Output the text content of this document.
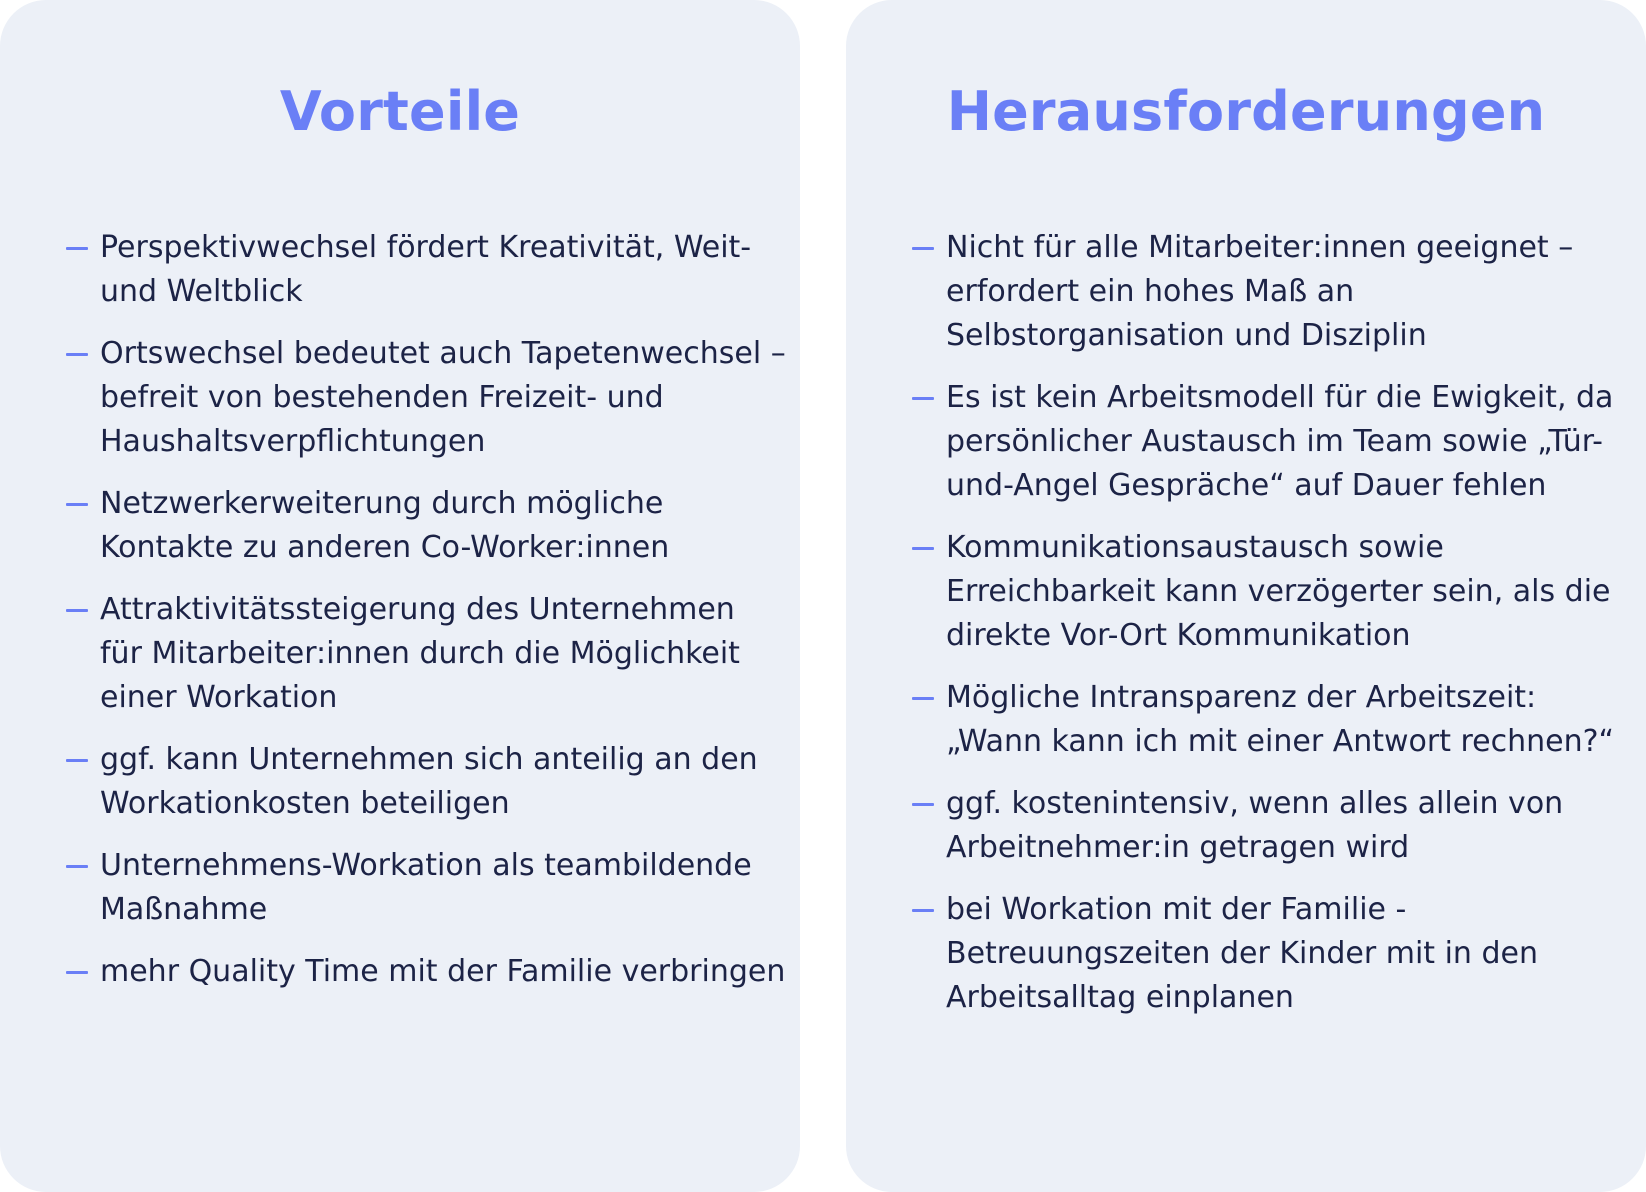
Vorteile
Perspektivwechsel fördert Kreativität, Weit-und Weltblick
Ortswechsel bedeutet auch Tapetenwechsel – befreit von bestehenden Freizeit- und Haushaltsverpflichtungen
Netzwerkerweiterung durch mögliche Kontakte zu anderen Co-Worker:innen
Attraktivitätssteigerung des Unternehmen für Mitarbeiter:innen durch die Möglichkeit einer Workation
ggf. kann Unternehmen sich anteilig an den Workationkosten beteiligen
Unternehmens-Workation als teambildende Maßnahme
mehr Quality Time mit der Familie verbringen
Herausforderungen
Nicht für alle Mitarbeiter:innen geeignet – erfordert ein hohes Maß an Selbstorganisation und Disziplin
Es ist kein Arbeitsmodell für die Ewigkeit, da persönlicher Austausch im Team sowie „Tür- und-Angel Gespräche“ auf Dauer fehlen
Kommunikationsaustausch sowie Erreichbarkeit kann verzögerter sein, als die direkte Vor-Ort Kommunikation
Mögliche Intransparenz der Arbeitszeit: „Wann kann ich mit einer Antwort rechnen?“
ggf. kostenintensiv, wenn alles allein von Arbeitnehmer:in getragen wird
bei Workation mit der Familie - Betreuungszeiten der Kinder mit in den Arbeitsalltag einplanen
